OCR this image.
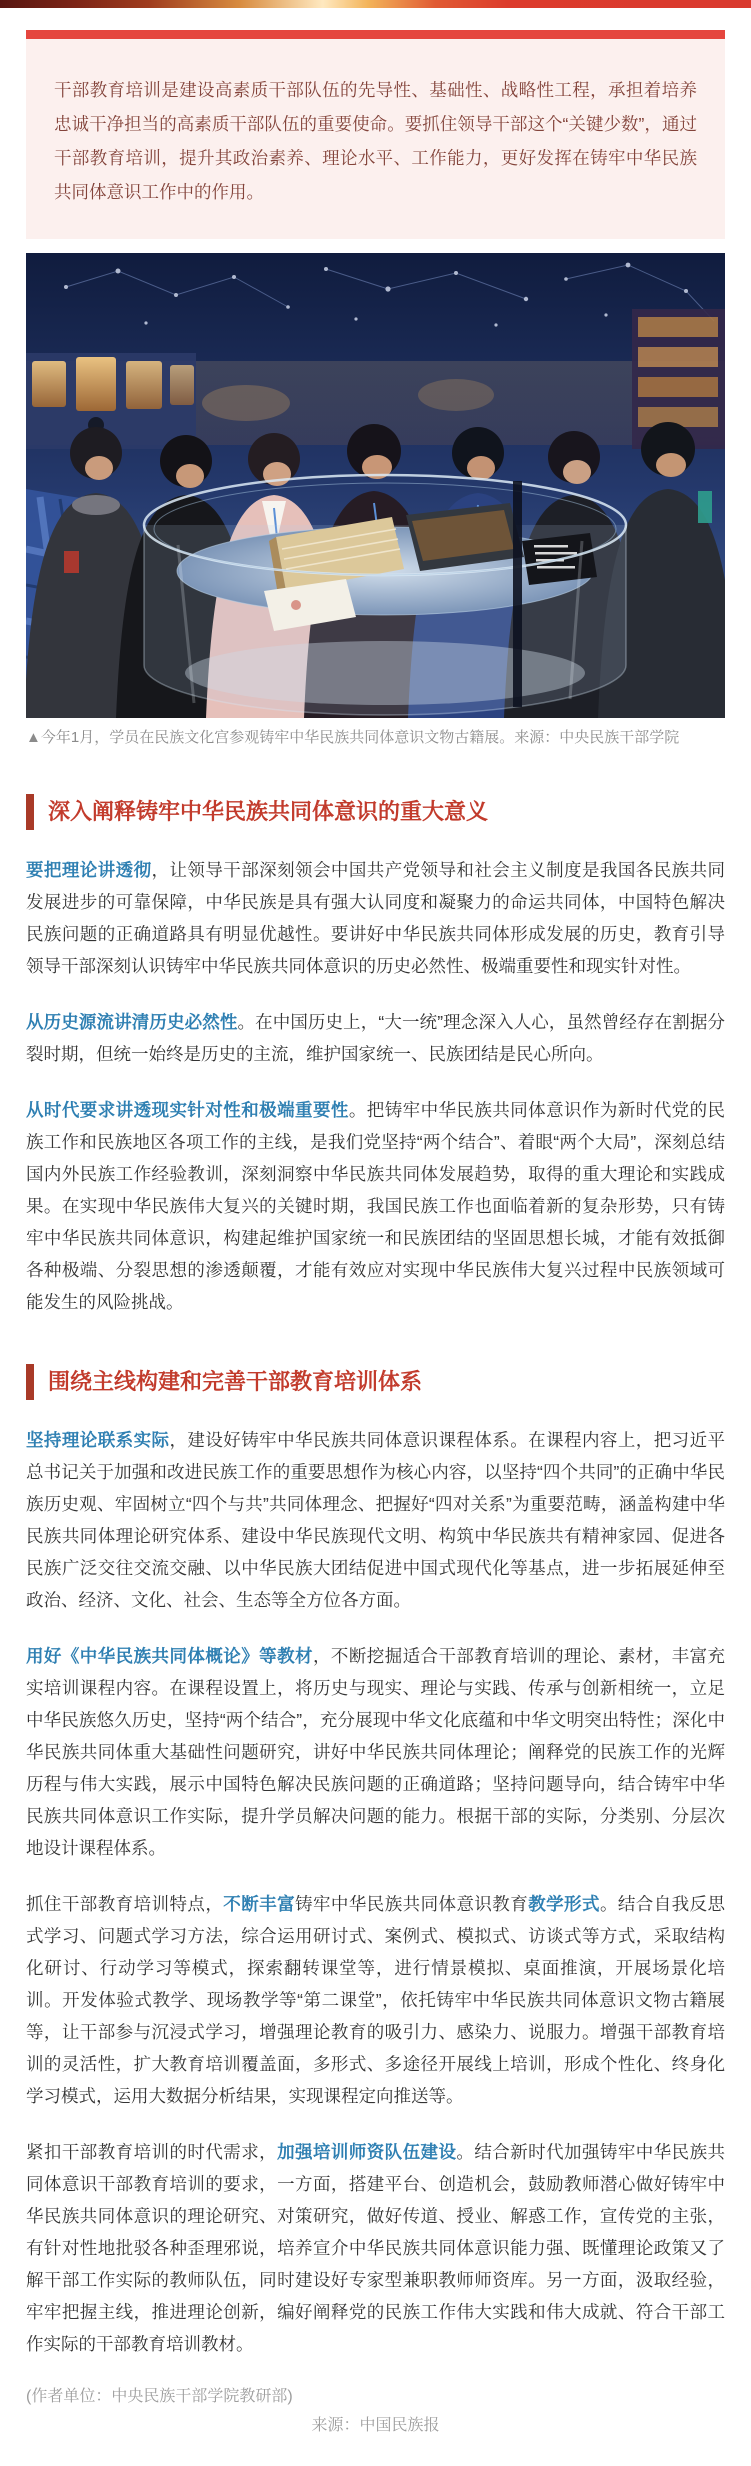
干部教育培训是建设高素质干部队伍的先导性、基础性、战略性工程，承担着培养忠诚干净担当的高素质干部队伍的重要使命。要抓住领导干部这个“关键少数”，通过干部教育培训，提升其政治素养、理论水平、工作能力，更好发挥在铸牢中华民族共同体意识工作中的作用。

▲今年1月，学员在民族文化宫参观铸牢中华民族共同体意识文物古籍展。来源：中央民族干部学院
深入阐释铸牢中华民族共同体意识的重大意义

要把理论讲透彻，让领导干部深刻领会中国共产党领导和社会主义制度是我国各民族共同发展进步的可靠保障，中华民族是具有强大认同度和凝聚力的命运共同体，中国特色解决民族问题的正确道路具有明显优越性。要讲好中华民族共同体形成发展的历史，教育引导领导干部深刻认识铸牢中华民族共同体意识的历史必然性、极端重要性和现实针对性。

从历史源流讲清历史必然性。在中国历史上，“大一统”理念深入人心，虽然曾经存在割据分裂时期，但统一始终是历史的主流，维护国家统一、民族团结是民心所向。

从时代要求讲透现实针对性和极端重要性。把铸牢中华民族共同体意识作为新时代党的民族工作和民族地区各项工作的主线，是我们党坚持“两个结合”、着眼“两个大局”，深刻总结国内外民族工作经验教训，深刻洞察中华民族共同体发展趋势，取得的重大理论和实践成果。在实现中华民族伟大复兴的关键时期，我国民族工作也面临着新的复杂形势，只有铸牢中华民族共同体意识，构建起维护国家统一和民族团结的坚固思想长城，才能有效抵御各种极端、分裂思想的渗透颠覆，才能有效应对实现中华民族伟大复兴过程中民族领域可能发生的风险挑战。

围绕主线构建和完善干部教育培训体系

坚持理论联系实际，建设好铸牢中华民族共同体意识课程体系。在课程内容上，把习近平总书记关于加强和改进民族工作的重要思想作为核心内容，以坚持“四个共同”的正确中华民族历史观、牢固树立“四个与共”共同体理念、把握好“四对关系”为重要范畴，涵盖构建中华民族共同体理论研究体系、建设中华民族现代文明、构筑中华民族共有精神家园、促进各民族广泛交往交流交融、以中华民族大团结促进中国式现代化等基点，进一步拓展延伸至政治、经济、文化、社会、生态等全方位各方面。

用好《中华民族共同体概论》等教材，不断挖掘适合干部教育培训的理论、素材，丰富充实培训课程内容。在课程设置上，将历史与现实、理论与实践、传承与创新相统一，立足中华民族悠久历史，坚持“两个结合”，充分展现中华文化底蕴和中华文明突出特性；深化中华民族共同体重大基础性问题研究，讲好中华民族共同体理论；阐释党的民族工作的光辉历程与伟大实践，展示中国特色解决民族问题的正确道路；坚持问题导向，结合铸牢中华民族共同体意识工作实际，提升学员解决问题的能力。根据干部的实际，分类别、分层次地设计课程体系。

抓住干部教育培训特点，不断丰富铸牢中华民族共同体意识教育教学形式。结合自我反思式学习、问题式学习方法，综合运用研讨式、案例式、模拟式、访谈式等方式，采取结构化研讨、行动学习等模式，探索翻转课堂等，进行情景模拟、桌面推演，开展场景化培训。开发体验式教学、现场教学等“第二课堂”，依托铸牢中华民族共同体意识文物古籍展等，让干部参与沉浸式学习，增强理论教育的吸引力、感染力、说服力。增强干部教育培训的灵活性，扩大教育培训覆盖面，多形式、多途径开展线上培训，形成个性化、终身化学习模式，运用大数据分析结果，实现课程定向推送等。

紧扣干部教育培训的时代需求，加强培训师资队伍建设。结合新时代加强铸牢中华民族共同体意识干部教育培训的要求，一方面，搭建平台、创造机会，鼓励教师潜心做好铸牢中华民族共同体意识的理论研究、对策研究，做好传道、授业、解惑工作，宣传党的主张，有针对性地批驳各种歪理邪说，培养宣介中华民族共同体意识能力强、既懂理论政策又了解干部工作实际的教师队伍，同时建设好专家型兼职教师师资库。另一方面，汲取经验，牢牢把握主线，推进理论创新，编好阐释党的民族工作伟大实践和伟大成就、符合干部工作实际的干部教育培训教材。

(作者单位：中央民族干部学院教研部)

来源：中国民族报
